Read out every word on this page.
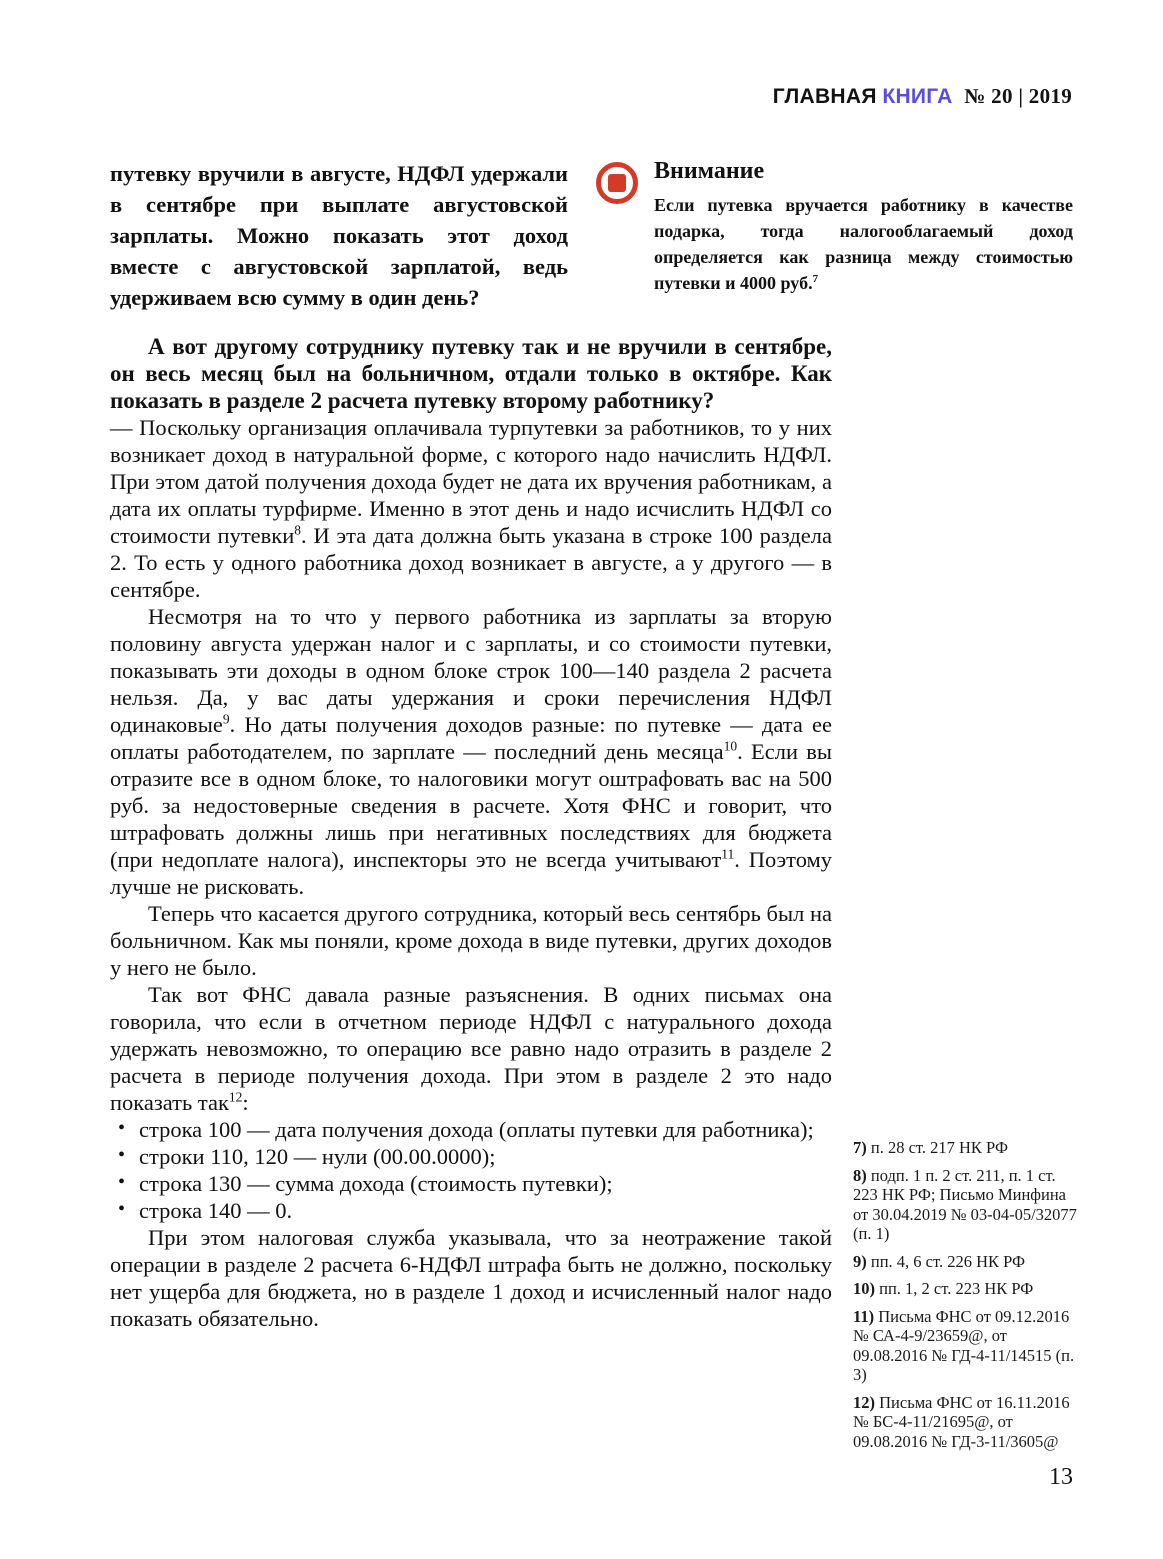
ГЛАВНАЯ КНИГА № 20 | 2019
путевку вручили в августе, НДФЛ удержали в сентябре при выплате августовской зарплаты. Можно показать этот доход вместе с августовской зарплатой, ведь удерживаем всю сумму в один день?
Внимание
Если путевка вручается работнику в качестве подарка, тогда налогооблагаемый доход определяется как разница между стоимостью путевки и 4000 руб.$^7$

А вот другому сотруднику путевку так и не вручили в сентябре, он весь месяц был на больничном, отдали только в октябре. Как показать в разделе 2 расчета путевку второму работнику?

— Поскольку организация оплачивала турпутевки за работников, то у них возникает доход в натуральной форме, с которого надо начислить НДФЛ. При этом датой получения дохода будет не дата их вручения работникам, а дата их оплаты турфирме. Именно в этот день и надо исчислить НДФЛ со стоимости путевки$^8$. И эта дата должна быть указана в строке 100 раздела 2. То есть у одного работника доход возникает в августе, а у другого — в сентябре.

Несмотря на то что у первого работника из зарплаты за вторую половину августа удержан налог и с зарплаты, и со стоимости путевки, показывать эти доходы в одном блоке строк 100—140 раздела 2 расчета нельзя. Да, у вас даты удержания и сроки перечисления НДФЛ одинаковые$^9$. Но даты получения доходов разные: по путевке — дата ее оплаты работодателем, по зарплате — последний день месяца$^{10}$. Если вы отразите все в одном блоке, то налоговики могут оштрафовать вас на 500 руб. за недостоверные сведения в расчете. Хотя ФНС и говорит, что штрафовать должны лишь при негативных последствиях для бюджета (при недоплате налога), инспекторы это не всегда учитывают$^{11}$. Поэтому лучше не рисковать.

Теперь что касается другого сотрудника, который весь сентябрь был на больничном. Как мы поняли, кроме дохода в виде путевки, других доходов у него не было.

Так вот ФНС давала разные разъяснения. В одних письмах она говорила, что если в отчетном периоде НДФЛ с натурального дохода удержать невозможно, то операцию все равно надо отразить в разделе 2 расчета в периоде получения дохода. При этом в разделе 2 это надо показать так$^{12}$:

• строка 100 — дата получения дохода (оплаты путевки для работника);
• строки 110, 120 — нули (00.00.0000);
• строка 130 — сумма дохода (стоимость путевки);
• строка 140 — 0.

При этом налоговая служба указывала, что за неотражение такой операции в разделе 2 расчета 6-НДФЛ штрафа быть не должно, поскольку нет ущерба для бюджета, но в разделе 1 доход и исчисленный налог надо показать обязательно.

7) п. 28 ст. 217 НК РФ
8) подп. 1 п. 2 ст. 211, п. 1 ст. 223 НК РФ; Письмо Минфина от 30.04.2019 № 03-04-05/32077 (п. 1)
9) пп. 4, 6 ст. 226 НК РФ
10) пп. 1, 2 ст. 223 НК РФ
11) Письма ФНС от 09.12.2016 № СА-4-9/23659@, от 09.08.2016 № ГД-4-11/14515 (п. 3)
12) Письма ФНС от 16.11.2016 № БС-4-11/21695@, от 09.08.2016 № ГД-3-11/3605@
13
